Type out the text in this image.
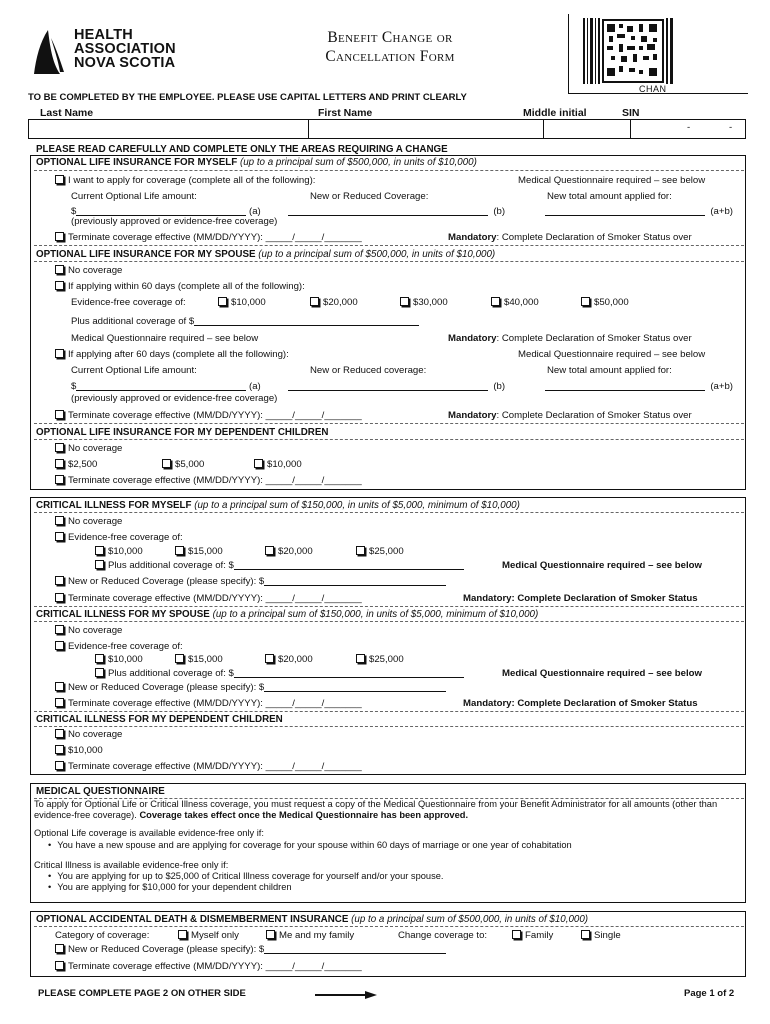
HEALTH
ASSOCIATION
NOVA SCOTIA
Benefit Change or
Cancellation Form
CHAN
TO BE COMPLETED BY THE EMPLOYEE. PLEASE USE CAPITAL LETTERS AND PRINT CLEARLY
Last Name	First Name	Middle initial	SIN
-	-
PLEASE READ CAREFULLY AND COMPLETE ONLY THE AREAS REQUIRING A CHANGE
OPTIONAL LIFE INSURANCE FOR MYSELF (up to a principal sum of $500,000, in units of $10,000)
I want to apply for coverage (complete all of the following):	Medical Questionnaire required – see below
Current Optional Life amount:	New or Reduced Coverage:	New total amount applied for:
$	(a)	(b)	(a+b)
(previously approved or evidence-free coverage)
Terminate coverage effective (MM/DD/YYYY): _____/_____/_______	Mandatory: Complete Declaration of Smoker Status over
OPTIONAL LIFE INSURANCE FOR MY SPOUSE (up to a principal sum of $500,000, in units of $10,000)
No coverage
If applying within 60 days (complete all of the following):
Evidence-free coverage of:	$10,000	$20,000	$30,000	$40,000	$50,000
Plus additional coverage of $
Medical Questionnaire required – see below	Mandatory: Complete Declaration of Smoker Status over
If applying after 60 days (complete all the following):	Medical Questionnaire required – see below
Current Optional Life amount:	New or Reduced coverage:	New total amount applied for:
$	(a)	(b)	(a+b)
(previously approved or evidence-free coverage)
Terminate coverage effective (MM/DD/YYYY): _____/_____/_______	Mandatory: Complete Declaration of Smoker Status over
OPTIONAL LIFE INSURANCE FOR MY DEPENDENT CHILDREN
No coverage
$2,500	$5,000	$10,000
Terminate coverage effective (MM/DD/YYYY): _____/_____/_______
CRITICAL ILLNESS FOR MYSELF (up to a principal sum of $150,000, in units of $5,000, minimum of $10,000)
No coverage
Evidence-free coverage of:
$10,000	$15,000	$20,000	$25,000
Plus additional coverage of: $	Medical Questionnaire required – see below
New or Reduced Coverage (please specify): $
Terminate coverage effective (MM/DD/YYYY): _____/_____/_______	Mandatory: Complete Declaration of Smoker Status
CRITICAL ILLNESS FOR MY SPOUSE (up to a principal sum of $150,000, in units of $5,000, minimum of $10,000)
No coverage
Evidence-free coverage of:
$10,000	$15,000	$20,000	$25,000
Plus additional coverage of: $	Medical Questionnaire required – see below
New or Reduced Coverage (please specify): $
Terminate coverage effective (MM/DD/YYYY): _____/_____/_______	Mandatory: Complete Declaration of Smoker Status
CRITICAL ILLNESS FOR MY DEPENDENT CHILDREN
No coverage
$10,000
Terminate coverage effective (MM/DD/YYYY): _____/_____/_______
MEDICAL QUESTIONNAIRE
To apply for Optional Life or Critical Illness coverage, you must request a copy of the Medical Questionnaire from your Benefit Administrator for all amounts (other than evidence-free coverage). Coverage takes effect once the Medical Questionnaire has been approved.
Optional Life coverage is available evidence-free only if:
• You have a new spouse and are applying for coverage for your spouse within 60 days of marriage or one year of cohabitation
Critical Illness is available evidence-free only if:
• You are applying for up to $25,000 of Critical Illness coverage for yourself and/or your spouse.
• You are applying for $10,000 for your dependent children
OPTIONAL ACCIDENTAL DEATH & DISMEMBERMENT INSURANCE (up to a principal sum of $500,000, in units of $10,000)
Category of coverage:	Myself only	Me and my family	Change coverage to:	Family	Single
New or Reduced Coverage (please specify): $
Terminate coverage effective (MM/DD/YYYY): _____/_____/_______
PLEASE COMPLETE PAGE 2 ON OTHER SIDE	Page 1 of 2
